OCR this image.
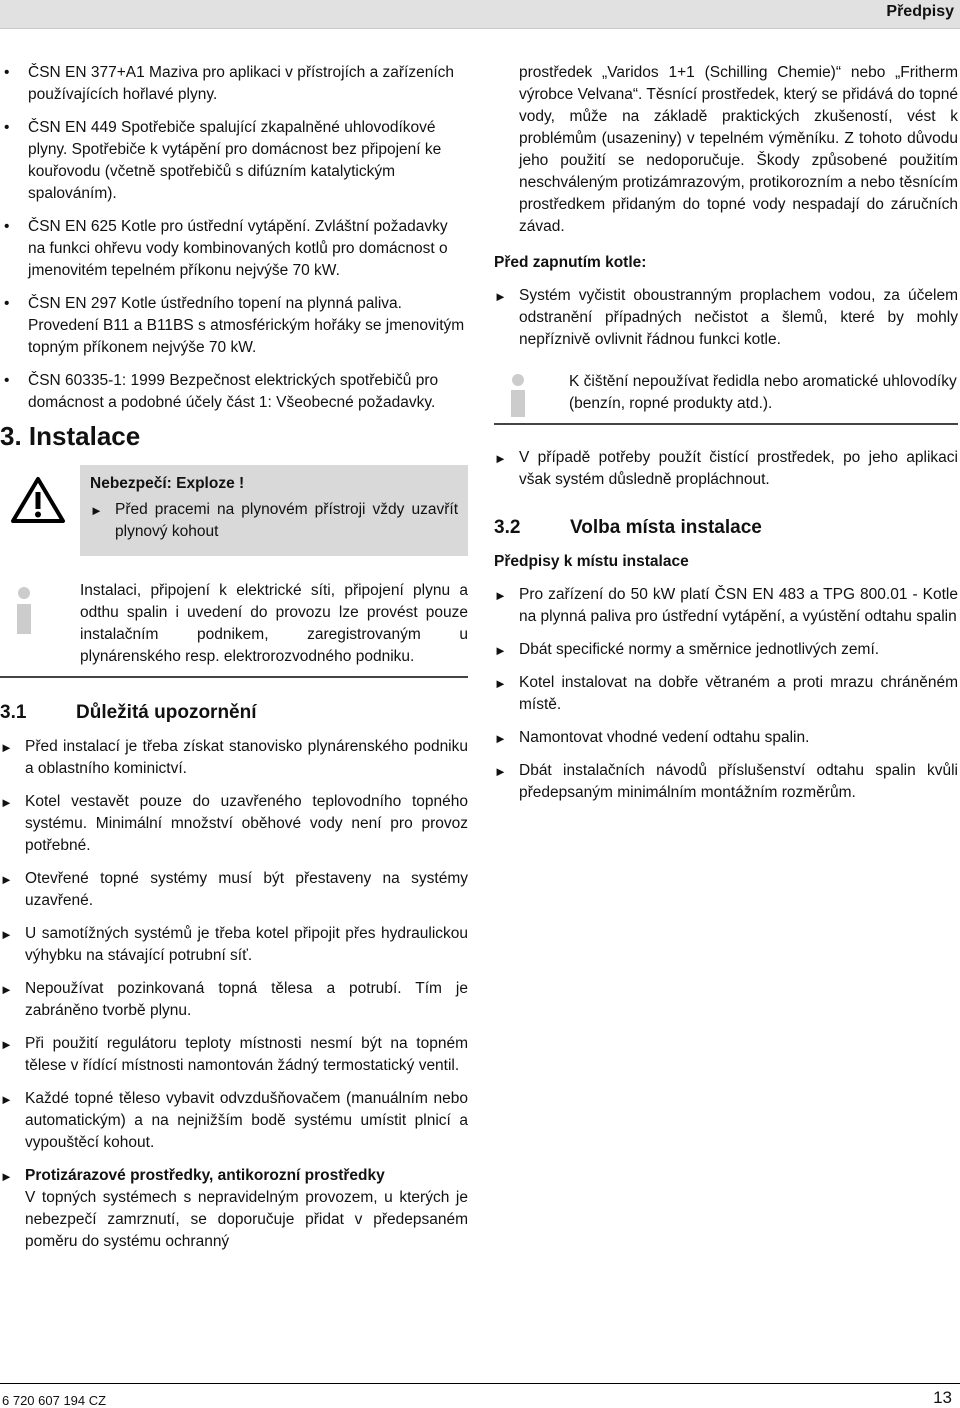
Předpisy
• ČSN EN 377+A1 Maziva pro aplikaci v přístrojích a zařízeních používajících hořlavé plyny.
• ČSN EN 449 Spotřebiče spalující zkapalněné uhlovodíkové plyny. Spotřebiče k vytápění pro domácnost bez připojení ke kouřovodu (včetně spotřebičů s difúzním katalytickým spalováním).
• ČSN EN 625 Kotle pro ústřední vytápění. Zvláštní požadavky na funkci ohřevu vody kombinovaných kotlů pro domácnost o jmenovitém tepelném příkonu nejvýše 70 kW.
• ČSN EN 297 Kotle ústředního topení na plynná paliva. Provedení B11 a B11BS s atmosférickým hořáky se jmenovitým topným příkonem nejvýše 70 kW.
• ČSN 60335-1: 1999 Bezpečnost elektrických spotřebičů pro domácnost a podobné účely část 1: Všeobecné požadavky.
3. Instalace
Nebezpečí: Exploze !
► Před pracemi na plynovém přístroji vždy uzavřít plynový kohout
Instalaci, připojení k elektrické síti, připojení plynu a odthu spalin i uvedení do provozu lze provést pouze instalačním podnikem, zaregistrovaným u plynárenského resp. elektrorozvodného podniku.
3.1	Důležitá upozornění
► Před instalací je třeba získat stanovisko plynárenského podniku a oblastního kominictví.
► Kotel vestavět pouze do uzavřeného teplovodního topného systému. Minimální množství oběhové vody není pro provoz potřebné.
► Otevřené topné systémy musí být přestaveny na systémy uzavřené.
► U samotížných systémů je třeba kotel připojit přes hydraulickou výhybku na stávající potrubní síť.
► Nepoužívat pozinkovaná topná tělesa a potrubí. Tím je zabráněno tvorbě plynu.
► Při použití regulátoru teploty místnosti nesmí být na topném tělese v řídící místnosti namontován žádný termostatický ventil.
► Každé topné těleso vybavit odvzdušňovačem (manuálním nebo automatickým) a na nejnižším bodě systému umístit plnicí a vypouštěcí kohout.
► Protizárazové prostředky, antikorozní prostředky
V topných systémech s nepravidelným provozem, u kterých je nebezpečí zamrznutí, se doporučuje přidat v předepsaném poměru do systému ochranný
prostředek „Varidos 1+1 (Schilling Chemie)“ nebo „Fritherm výrobce Velvana“. Těsnící prostředek, který se přidává do topné vody, může na základě praktických zkušeností, vést k problémům (usazeniny) v tepelném výměníku. Z tohoto důvodu jeho použití se nedoporučuje. Škody způsobené použitím neschváleným protizámrazovým, protikorozním a nebo těsnícím prostředkem přidaným do topné vody nespadají do záručních závad.
Před zapnutím kotle:
► Systém vyčistit oboustranným proplachem vodou, za účelem odstranění případných nečistot a šlemů, které by mohly nepříznivě ovlivnit řádnou funkci kotle.
K čištění nepoužívat ředidla nebo aromatické uhlovodíky (benzín, ropné produkty atd.).
► V případě potřeby použít čistící prostředek, po jeho aplikaci však systém důsledně propláchnout.
3.2	Volba místa instalace
Předpisy k místu instalace
► Pro zařízení do 50 kW platí ČSN EN 483 a TPG 800.01 - Kotle na plynná paliva pro ústřední vytápění, a vyústění odtahu spalin
► Dbát specifické normy a směrnice jednotlivých zemí.
► Kotel instalovat na dobře větraném a proti mrazu chráněném místě.
► Namontovat vhodné vedení odtahu spalin.
► Dbát instalačních návodů příslušenství odtahu spalin kvůli předepsaným minimálním montážním rozměrům.
6 720 607 194 CZ	13
